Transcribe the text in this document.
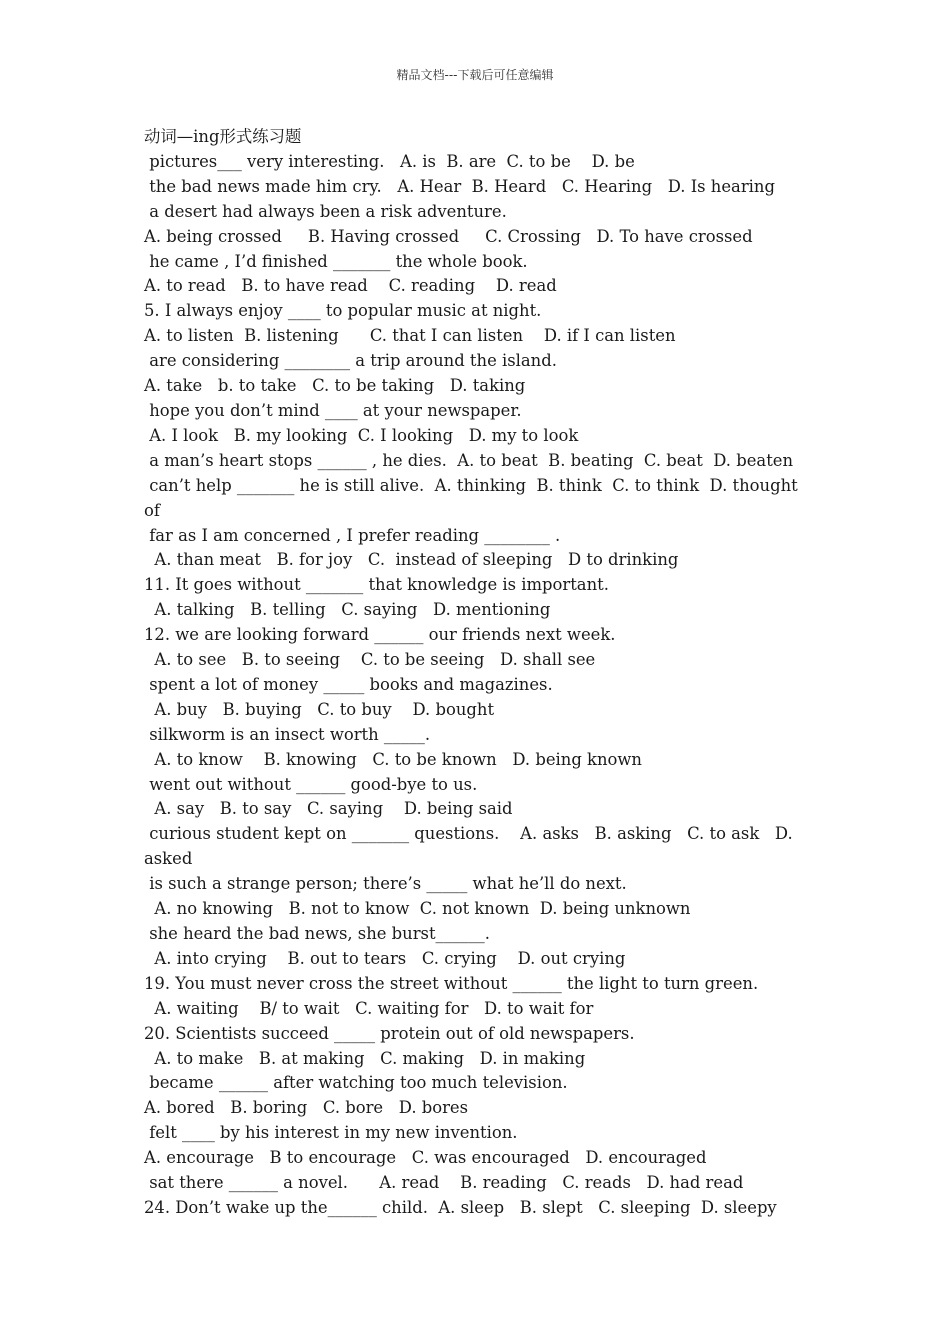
精品文档---下载后可任意编辑
动词—ing形式练习题
pictures___ very interesting.   A. is  B. are  C. to be    D. be
the bad news made him cry.   A. Hear  B. Heard   C. Hearing   D. Is hearing
a desert had always been a risk adventure.
A. being crossed     B. Having crossed     C. Crossing   D. To have crossed
he came , I’d finished _______ the whole book.
A. to read   B. to have read    C. reading    D. read
5. I always enjoy ____ to popular music at night.
A. to listen  B. listening      C. that I can listen    D. if I can listen
are considering ________ a trip around the island.
A. take   b. to take   C. to be taking   D. taking
hope you don’t mind ____ at your newspaper.
A. I look   B. my looking  C. I looking   D. my to look
a man’s heart stops ______ , he dies.  A. to beat  B. beating  C. beat  D. beaten
can’t help _______ he is still alive.  A. thinking  B. think  C. to think  D. thought of
far as I am concerned , I prefer reading ________ .
A. than meat   B. for joy   C.  instead of sleeping   D to drinking
11. It goes without _______ that knowledge is important.
A. talking   B. telling   C. saying   D. mentioning
12. we are looking forward ______ our friends next week.
A. to see   B. to seeing    C. to be seeing   D. shall see
spent a lot of money _____ books and magazines.
A. buy   B. buying   C. to buy    D. bought
silkworm is an insect worth _____.
A. to know    B. knowing   C. to be known   D. being known
went out without ______ good-bye to us.
A. say   B. to say   C. saying    D. being said
curious student kept on _______ questions.    A. asks   B. asking   C. to ask   D. asked
is such a strange person; there’s _____ what he’ll do next.
A. no knowing   B. not to know  C. not known  D. being unknown
she heard the bad news, she burst______.
A. into crying    B. out to tears   C. crying    D. out crying
19. You must never cross the street without ______ the light to turn green.
A. waiting    B/ to wait   C. waiting for   D. to wait for
20. Scientists succeed _____ protein out of old newspapers.
A. to make   B. at making   C. making   D. in making
became ______ after watching too much television.
A. bored   B. boring   C. bore   D. bores
felt ____ by his interest in my new invention.
A. encourage   B to encourage   C. was encouraged   D. encouraged
sat there ______ a novel.      A. read    B. reading   C. reads   D. had read
24. Don’t wake up the______ child.  A. sleep   B. slept   C. sleeping  D. sleepy
